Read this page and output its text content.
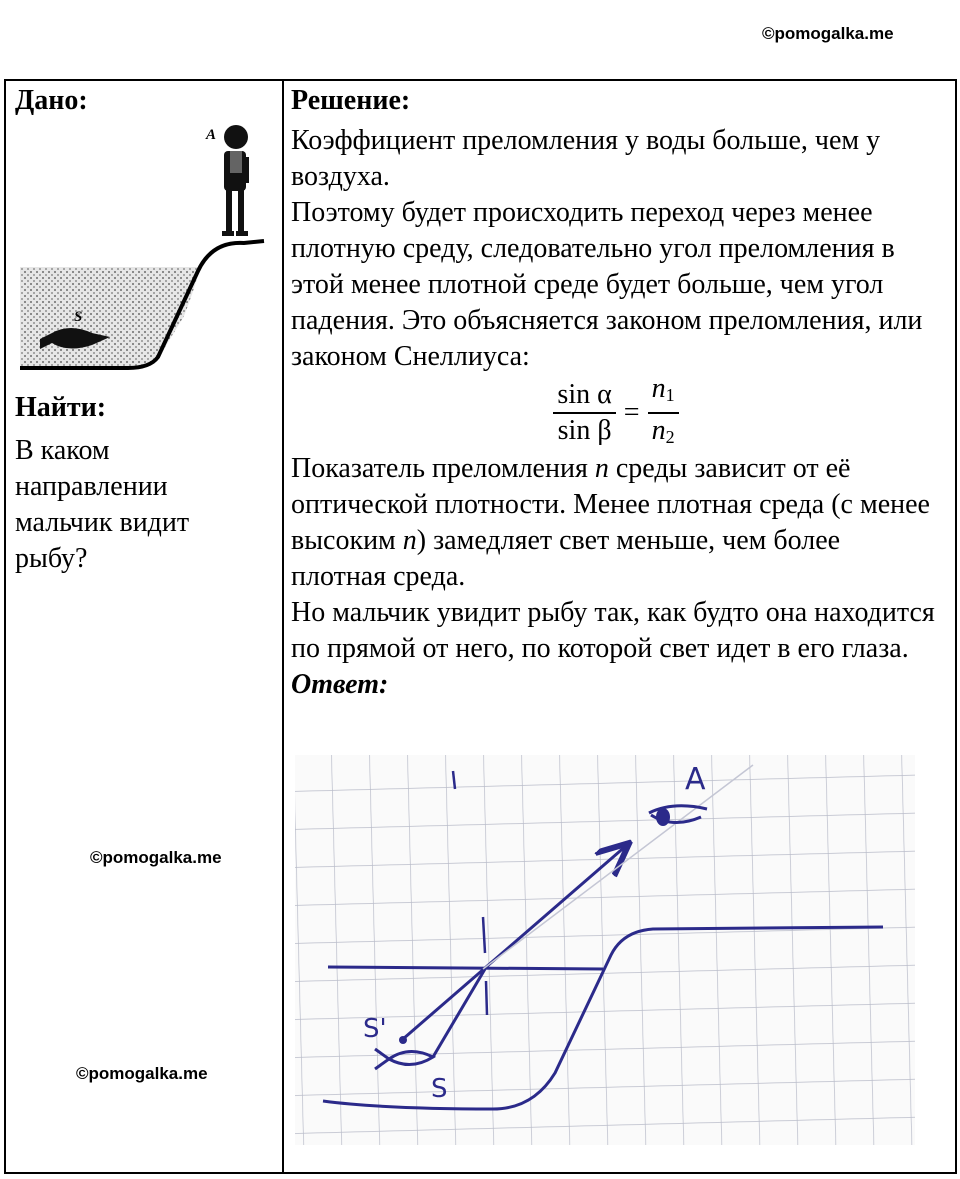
©pomogalka.me
Дано:
A
S
Найти:
В каком направлении мальчик видит рыбу?
Решение:

Коэффициент преломления у воды больше, чем у воздуха.

Поэтому будет происходить переход через менее плотную среду, следовательно угол преломления в этой менее плотной среде будет больше, чем угол падения. Это объясняется законом преломления, или законом Снеллиуса:

$\frac{\text{sin α}}{\text{sin β}} = \frac{n_1}{n_2}$

Показатель преломления n среды зависит от её оптической плотности. Менее плотная среда (с менее высоким n) замедляет свет меньше, чем более плотная среда.

Но мальчик увидит рыбу так, как будто она находится по прямой от него, по которой свет идет в его глаза.

Ответ:
A
S'
S
©pomogalka.me
©pomogalka.me
